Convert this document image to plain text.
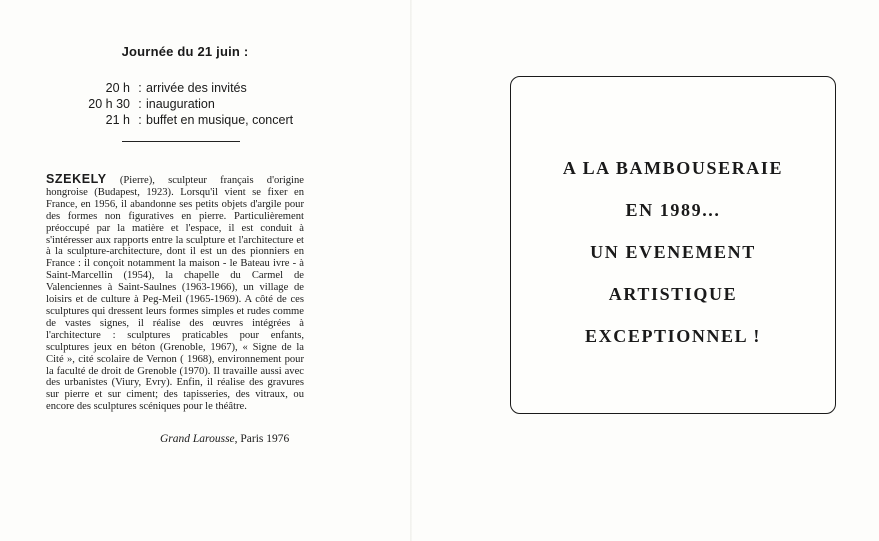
Journée du 21 juin :
20 h : arrivée des invités
20 h 30 : inauguration
21 h : buffet en musique, concert
SZEKELY (Pierre), sculpteur français d'origine hongroise (Budapest, 1923). Lorsqu'il vient se fixer en France, en 1956, il abandonne ses petits objets d'argile pour des formes non figuratives en pierre. Particulièrement préoccupé par la matière et l'espace, il est conduit à s'intéresser aux rapports entre la sculpture et l'architecture et à la sculpture-architecture, dont il est un des pionniers en France : il conçoit notamment la maison - le Bateau ivre - à Saint-Marcellin (1954), la chapelle du Carmel de Valenciennes à Saint-Saulnes (1963-1966), un village de loisirs et de culture à Peg-Meil (1965-1969). A côté de ces sculptures qui dressent leurs formes simples et rudes comme de vastes signes, il réalise des œuvres intégrées à l'architecture : sculptures praticables pour enfants, sculptures jeux en béton (Grenoble, 1967), « Signe de la Cité », cité scolaire de Vernon ( 1968), environnement pour la faculté de droit de Grenoble (1970). Il travaille aussi avec des urbanistes (Viury, Evry). Enfin, il réalise des gravures sur pierre et sur ciment; des tapisseries, des vitraux, ou encore des sculptures scéniques pour le théâtre.
Grand Larousse, Paris 1976
A LA BAMBOUSERAIE
EN 1989...
UN EVENEMENT
ARTISTIQUE
EXCEPTIONNEL !
